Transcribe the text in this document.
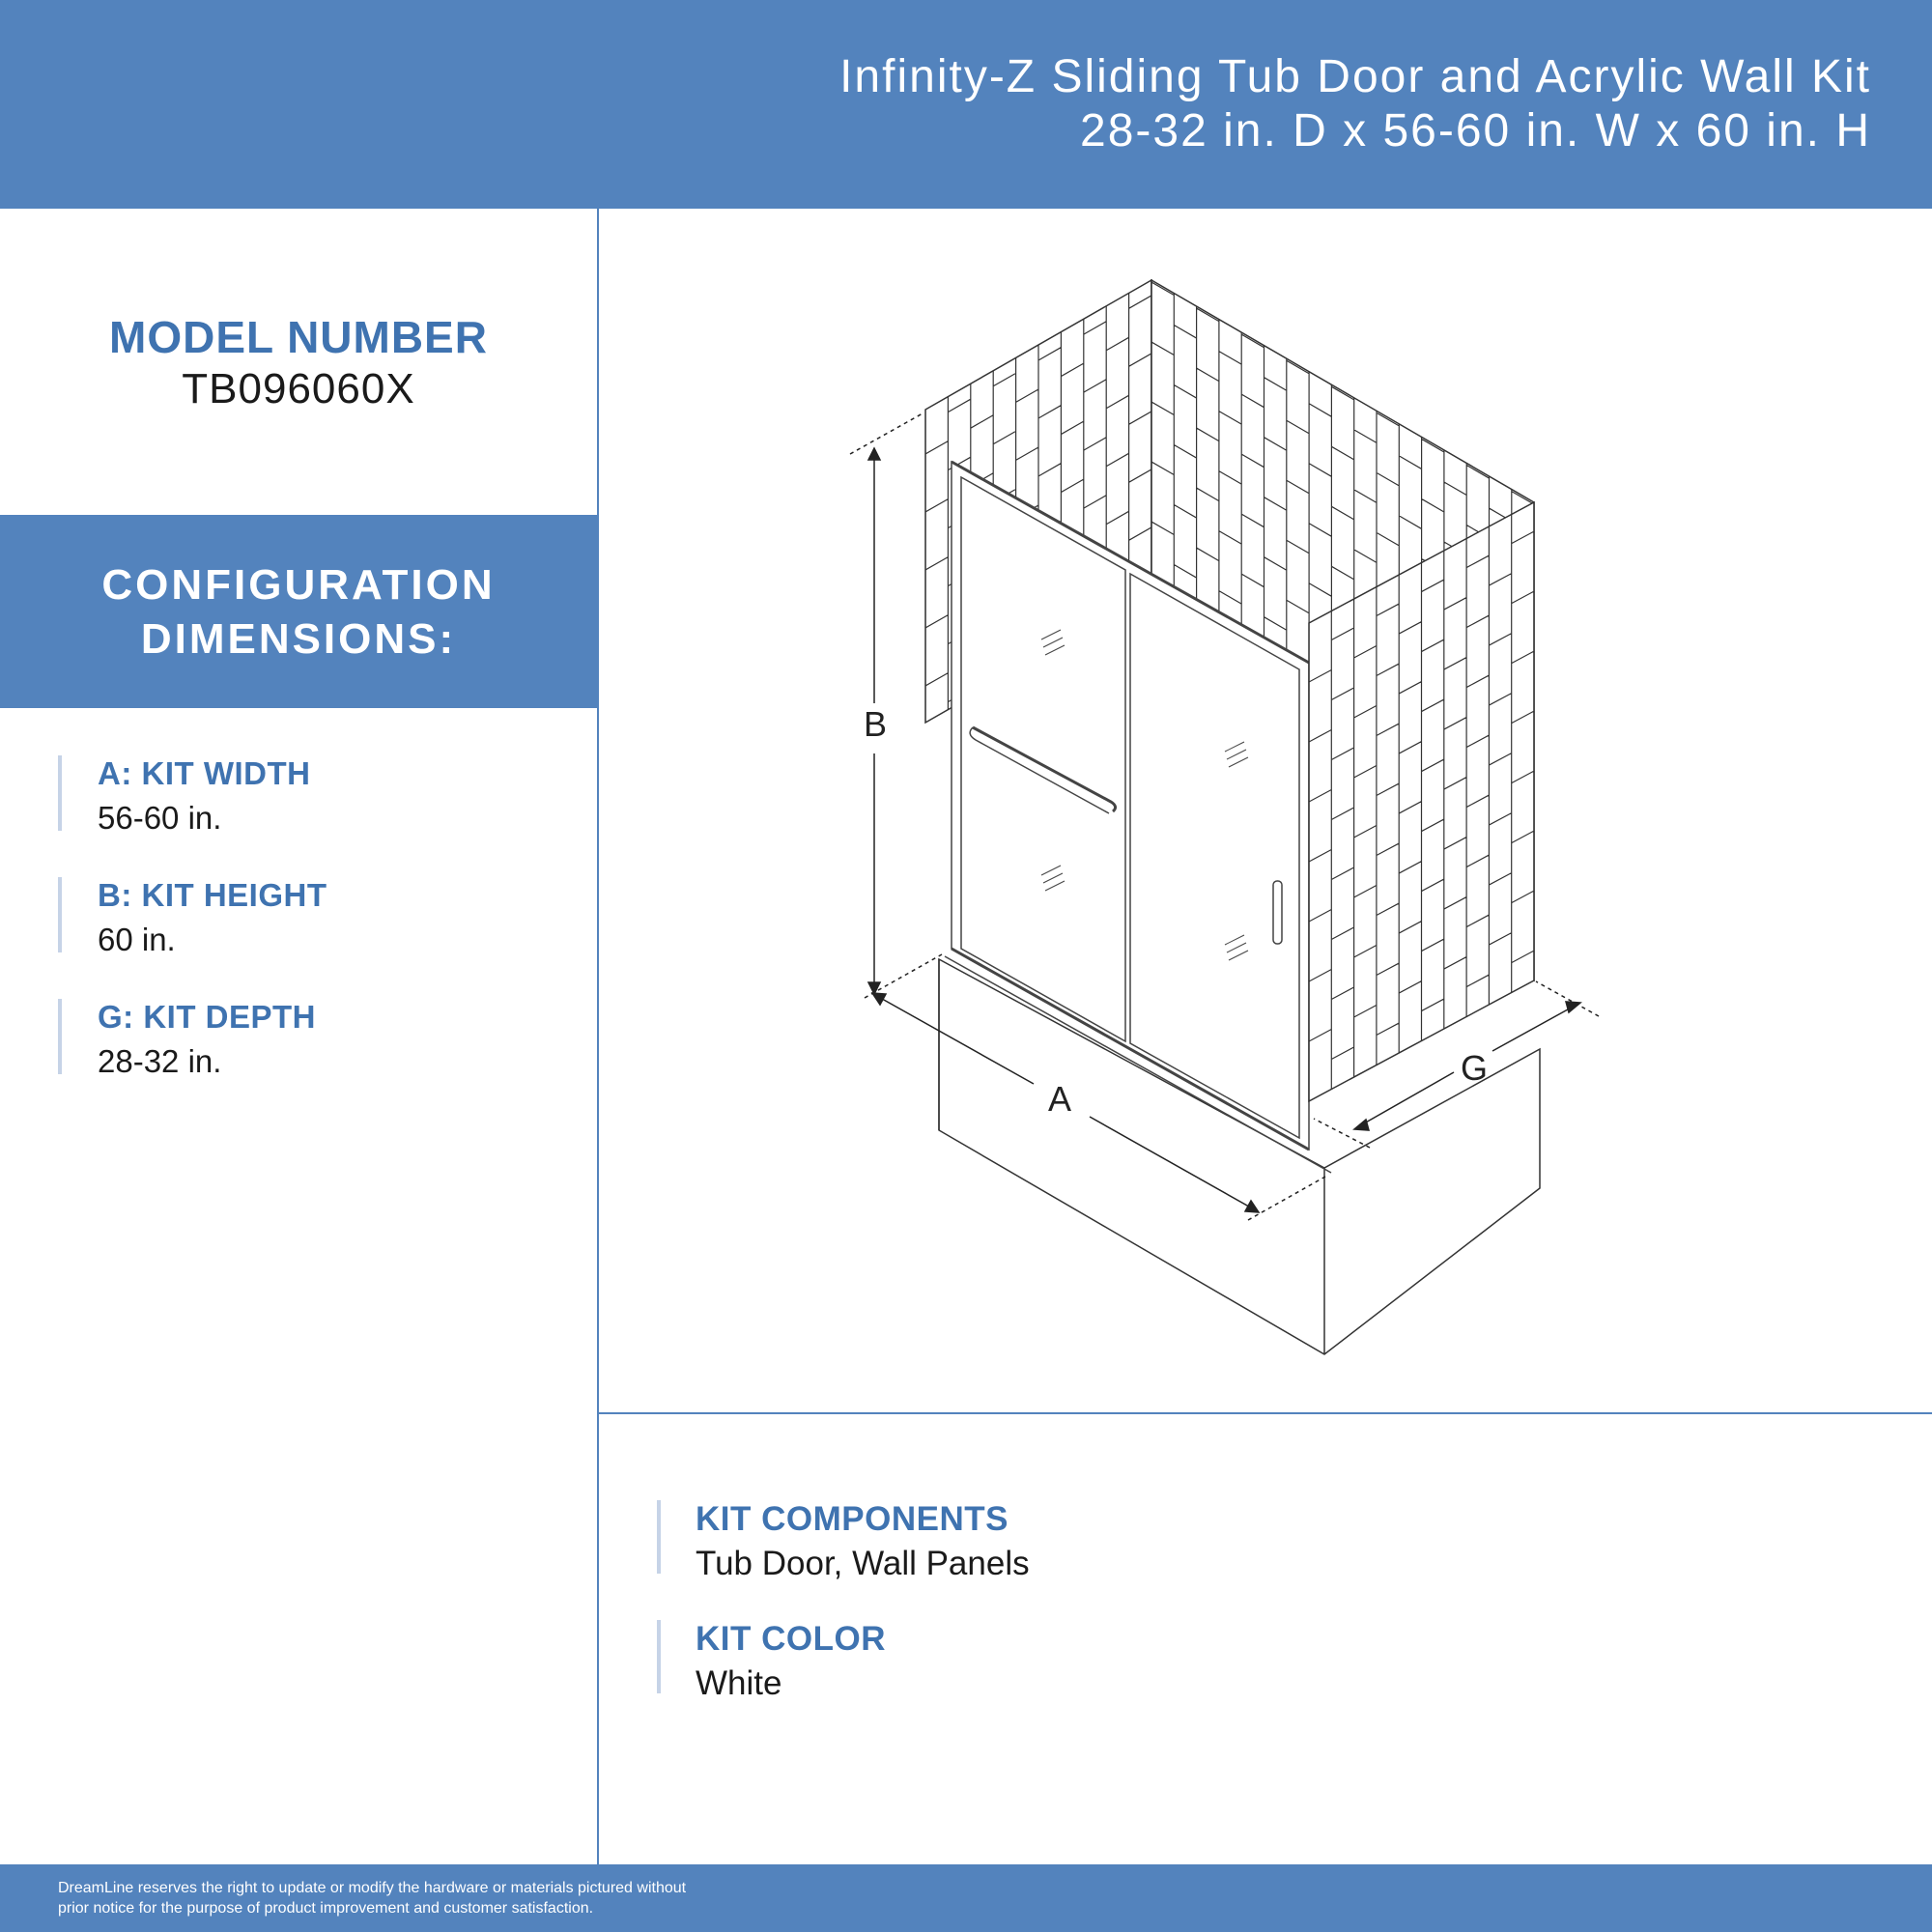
Infinity-Z Sliding Tub Door and Acrylic Wall Kit
28-32 in. D x 56-60 in. W x 60 in. H
MODEL NUMBER
TB096060X
CONFIGURATION
DIMENSIONS:
A: KIT WIDTH
56-60 in.
B: KIT HEIGHT
60 in.
G: KIT DEPTH
28-32 in.
B
A
G
KIT COMPONENTS
Tub Door, Wall Panels
KIT COLOR
White
DreamLine reserves the right to update or modify the hardware or materials pictured without
prior notice for the purpose of product improvement and customer satisfaction.
